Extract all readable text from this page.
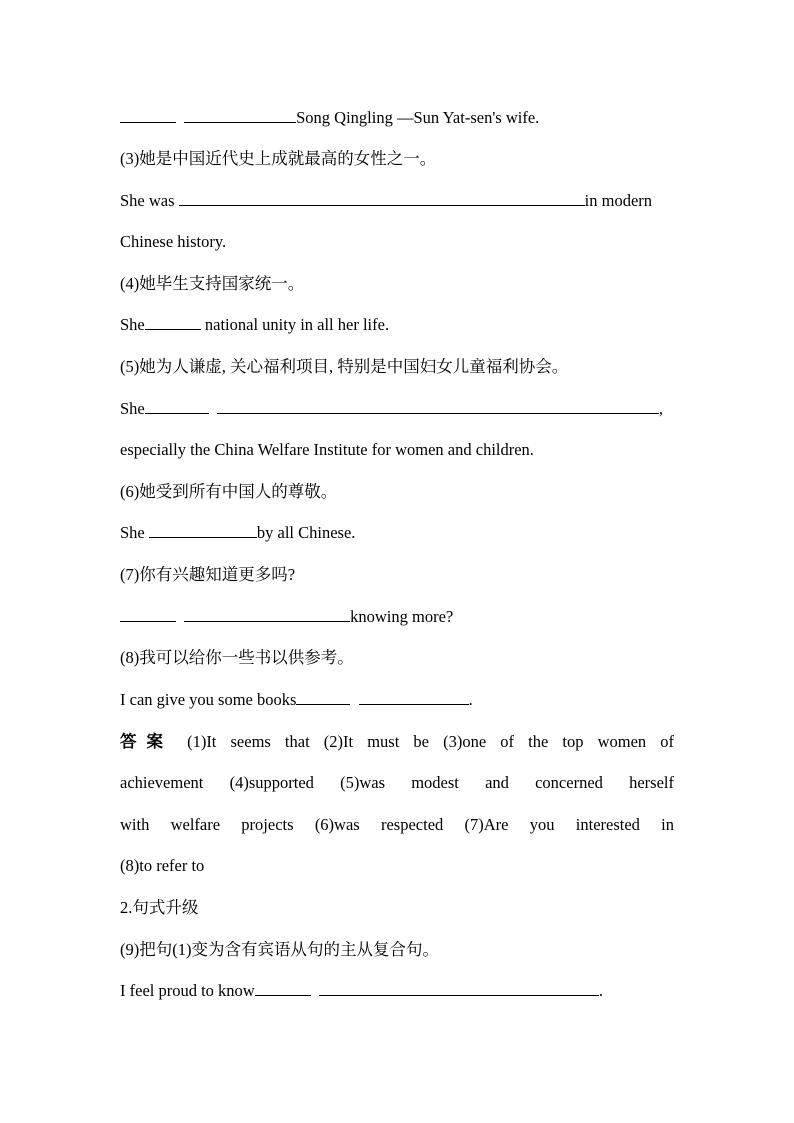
Song Qingling —Sun Yat-sen's wife.
(3)她是中国近代史上成就最高的女性之一。
She was	in modern
Chinese history.
(4)她毕生支持国家统一。
She	national unity in all her life.
(5)她为人谦虚, 关心福利项目, 特别是中国妇女儿童福利协会。
She	,
especially the China Welfare Institute for women and children.
(6)她受到所有中国人的尊敬。
She	by all Chinese.
(7)你有兴趣知道更多吗?
knowing more?
(8)我可以给你一些书以供参考。
I can give you some books	.
答案 (1)It seems that (2)It must be (3)one of the top women of
achievement (4)supported (5)was modest and concerned herself
with welfare projects (6)was respected (7)Are you interested in
(8)to refer to
2.句式升级
(9)把句(1)变为含有宾语从句的主从复合句。
I feel proud to know	.
